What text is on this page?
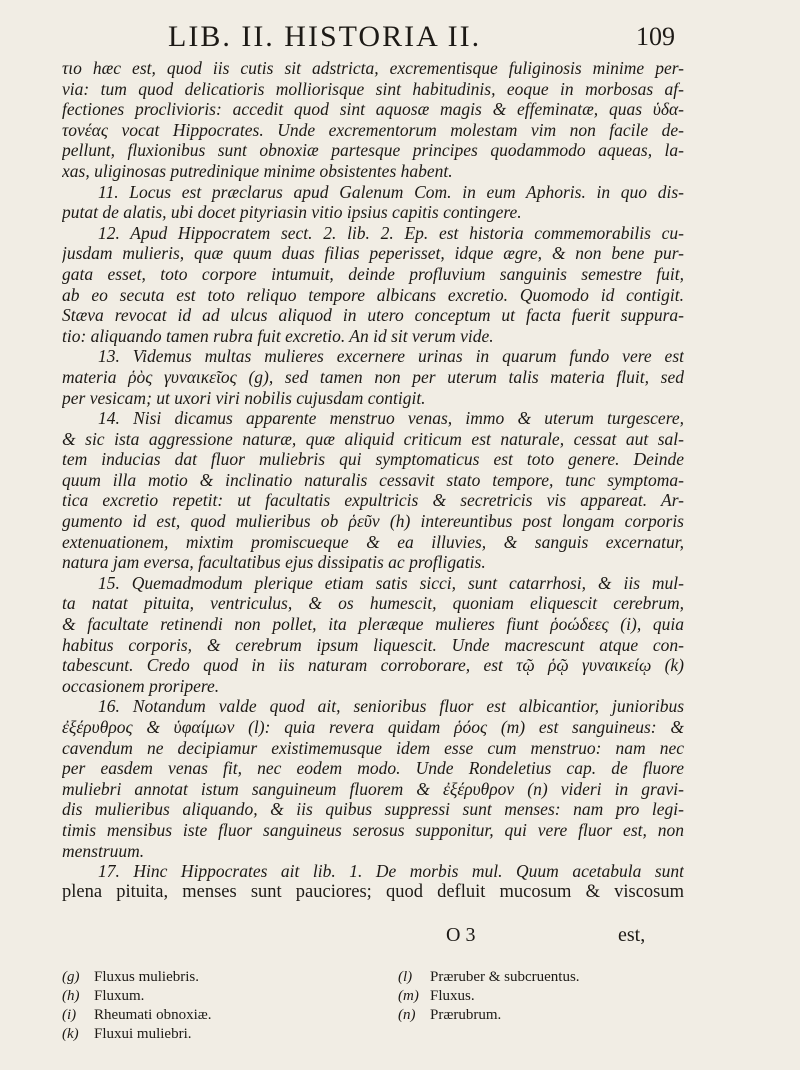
LIB. II. HISTORIA II.	109
τιο hæc est, quod iis cutis sit adstricta, excrementisque fuliginosis minime per-
via: tum quod delicatioris molliorisque sint habitudinis, eoque in morbosas af-
fectiones proclivioris: accedit quod sint aquosæ magis & effeminatæ, quas ὑδα-
τονέας vocat Hippocrates. Unde excrementorum molestam vim non facile de-
pellunt, fluxionibus sunt obnoxiæ partesque principes quodammodo aqueas, la-
xas, uliginosas putredinique minime obsistentes habent.
11. Locus est præclarus apud Galenum Com. in eum Aphoris. in quo dis-
putat de alatis, ubi docet pityriasin vitio ipsius capitis contingere.
12. Apud Hippocratem sect. 2. lib. 2. Ep. est historia commemorabilis cu-
jusdam mulieris, quæ quum duas filias peperisset, idque ægre, & non bene pur-
gata esset, toto corpore intumuit, deinde profluvium sanguinis semestre fuit,
ab eo secuta est toto reliquo tempore albicans excretio. Quomodo id contigit.
Stæva revocat id ad ulcus aliquod in utero conceptum ut facta fuerit suppura-
tio: aliquando tamen rubra fuit excretio. An id sit verum vide.
13. Videmus multas mulieres excernere urinas in quarum fundo vere est
materia ῥὸς γυναικεῖος (g), sed tamen non per uterum talis materia fluit, sed
per vesicam; ut uxori viri nobilis cujusdam contigit.
14. Nisi dicamus apparente menstruo venas, immo & uterum turgescere,
& sic ista aggressione naturæ, quæ aliquid criticum est naturale, cessat aut sal-
tem inducias dat fluor muliebris qui symptomaticus est toto genere. Deinde
quum illa motio & inclinatio naturalis cessavit stato tempore, tunc symptoma-
tica excretio repetit: ut facultatis expultricis & secretricis vis appareat. Ar-
gumento id est, quod mulieribus ob ῥεῦν (h) intereuntibus post longam corporis
extenuationem, mixtim promiscueque & ea illuvies, & sanguis excernatur,
natura jam eversa, facultatibus ejus dissipatis ac profligatis.
15. Quemadmodum plerique etiam satis sicci, sunt catarrhosi, & iis mul-
ta natat pituita, ventriculus, & os humescit, quoniam eliquescit cerebrum,
& facultate retinendi non pollet, ita pleræque mulieres fiunt ῥοώδεες (i), quia
habitus corporis, & cerebrum ipsum liquescit. Unde macrescunt atque con-
tabescunt. Credo quod in iis naturam corroborare, est τῷ ῥῷ γυναικείῳ (k)
occasionem proripere.
16. Notandum valde quod ait, senioribus fluor est albicantior, junioribus
ἐξέρυθρος & ὑφαίμων (l): quia revera quidam ῥόος (m) est sanguineus: &
cavendum ne decipiamur existimemusque idem esse cum menstruo: nam nec
per easdem venas fit, nec eodem modo. Unde Rondeletius cap. de fluore
muliebri annotat istum sanguineum fluorem & ἐξέρυθρον (n) videri in gravi-
dis mulieribus aliquando, & iis quibus suppressi sunt menses: nam pro legi-
timis mensibus iste fluor sanguineus serosus supponitur, qui vere fluor est, non
menstruum.
17. Hinc Hippocrates ait lib. 1. De morbis mul. Quum acetabula sunt
plena pituita, menses sunt pauciores; quod defluit mucosum & viscosum
O 3	est,
(g) Fluxus muliebris.
(h) Fluxum.
(i) Rheumati obnoxiæ.
(k) Fluxui muliebri.
(l) Præruber & subcruentus.
(m) Fluxus.
(n) Prærubrum.
